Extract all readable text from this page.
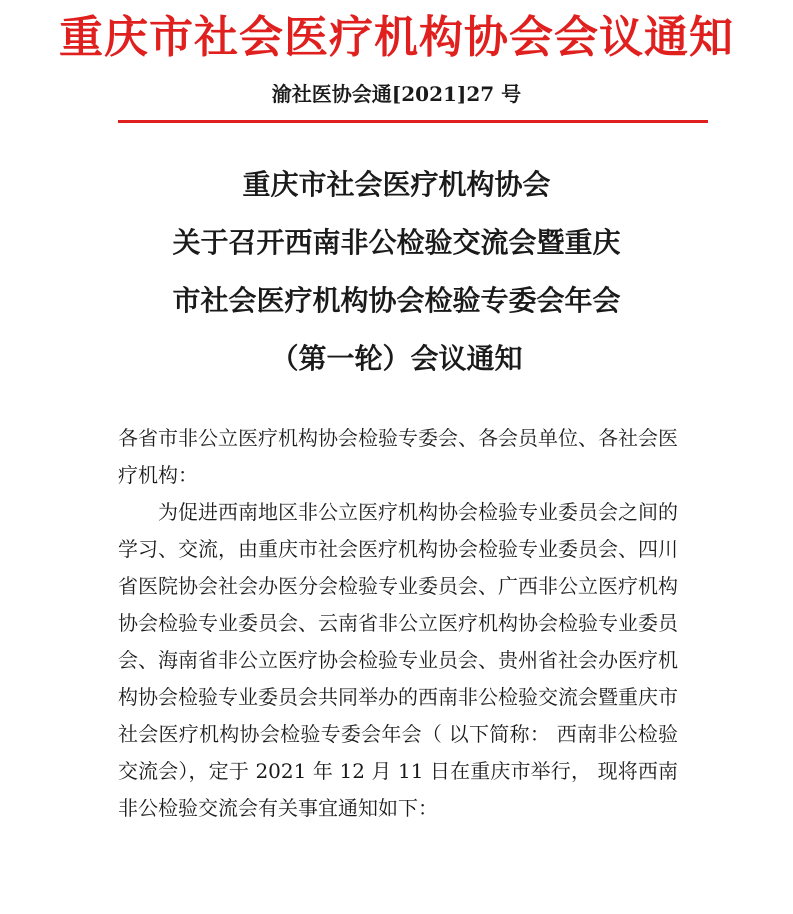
重庆市社会医疗机构协会会议通知
渝社医协会通[2021]27 号
重庆市社会医疗机构协会
关于召开西南非公检验交流会暨重庆
市社会医疗机构协会检验专委会年会
（第一轮）会议通知

各省市非公立医疗机构协会检验专委会、各会员单位、各社会医疗机构：

为促进西南地区非公立医疗机构协会检验专业委员会之间的学习、交流，由重庆市社会医疗机构协会检验专业委员会、四川省医院协会社会办医分会检验专业委员会、广西非公立医疗机构协会检验专业委员会、云南省非公立医疗机构协会检验专业委员会、海南省非公立医疗协会检验专业员会、贵州省社会办医疗机构协会检验专业委员会共同举办的西南非公检验交流会暨重庆市社会医疗机构协会检验专委会年会（ 以下简称： 西南非公检验交流会），定于 2021 年 12 月 11 日在重庆市举行， 现将西南非公检验交流会有关事宜通知如下：
